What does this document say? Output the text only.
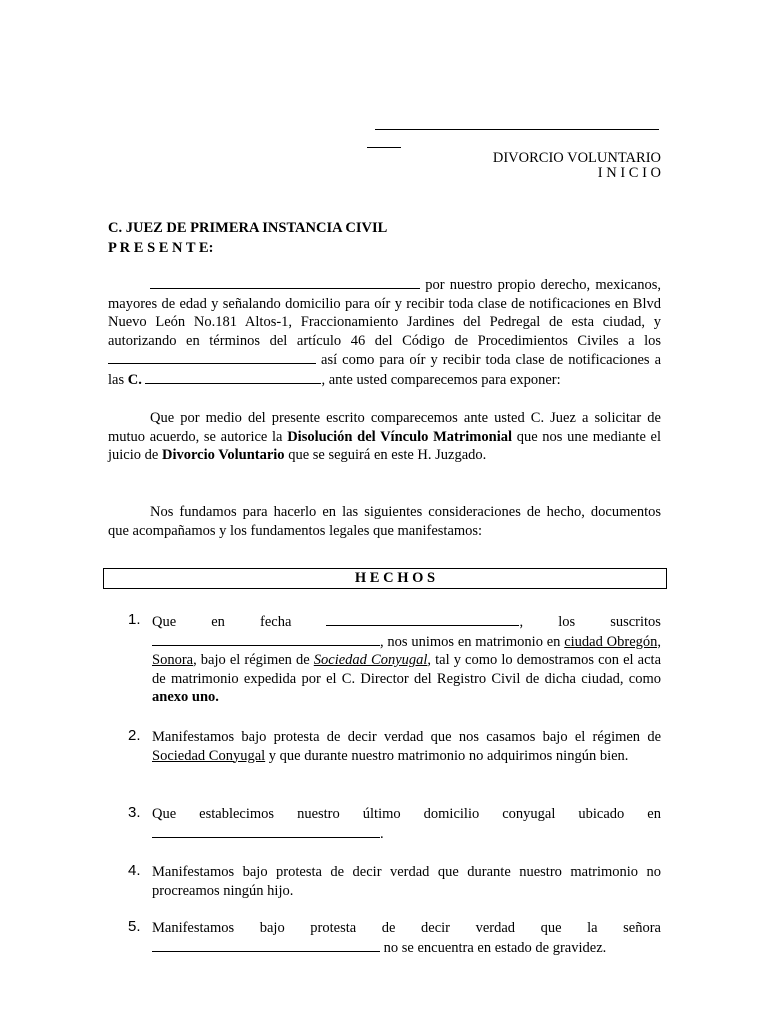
DIVORCIO VOLUNTARIO
I N I C I O
C. JUEZ DE PRIMERA INSTANCIA CIVIL
P R E S E N T E:
por nuestro propio derecho, mexicanos, mayores de edad y señalando domicilio para oír y recibir toda clase de notificaciones en Blvd Nuevo León No.181 Altos-1, Fraccionamiento Jardines del Pedregal de esta ciudad, y autorizando en términos del artículo 46 del Código de Procedimientos Civiles a los  así como para oír y recibir toda clase de notificaciones a las C.	, ante usted comparecemos para exponer:
Que por medio del presente escrito comparecemos ante usted C. Juez a solicitar de mutuo acuerdo, se autorice la Disolución del Vínculo Matrimonial que nos une mediante el juicio de Divorcio Voluntario que se seguirá en este H. Juzgado.
Nos fundamos para hacerlo en las siguientes consideraciones de hecho, documentos que acompañamos y los fundamentos legales que manifestamos:
H E C H O S
1. Que en fecha	, los suscritos
, nos unimos en matrimonio en ciudad Obregón, Sonora, bajo el régimen de Sociedad Conyugal, tal y como lo demostramos con el acta de matrimonio expedida por el C. Director del Registro Civil de dicha ciudad, como anexo uno.
2. Manifestamos bajo protesta de decir verdad que nos casamos bajo el régimen de Sociedad Conyugal y que durante nuestro matrimonio no adquirimos ningún bien.
3. Que establecimos nuestro último domicilio conyugal ubicado en .
4. Manifestamos bajo protesta de decir verdad que durante nuestro matrimonio no procreamos ningún hijo.
5. Manifestamos bajo protesta de decir verdad que la señora  no se encuentra en estado de gravidez.
